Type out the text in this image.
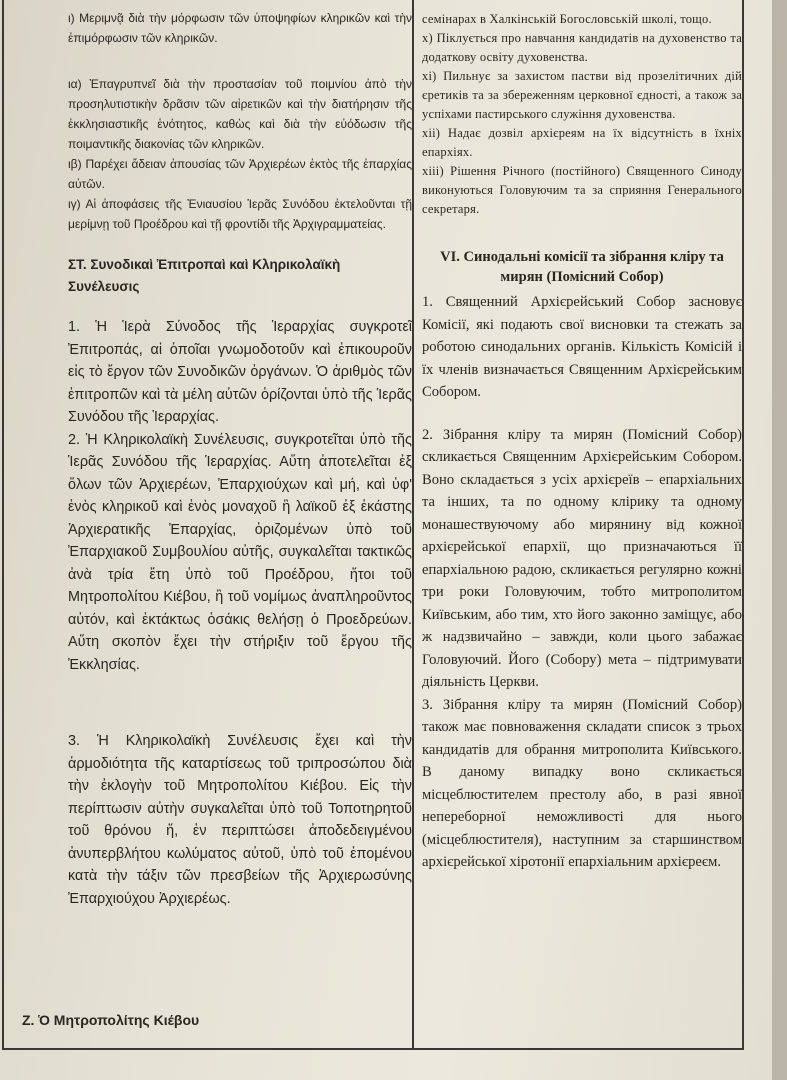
ι) Μεριμνᾷ διὰ τὴν μόρφωσιν τῶν ὑποψηφίων κληρικῶν καὶ τὴν ἐπιμόρφωσιν τῶν κληρικῶν.

ια) Ἐπαγρυπνεῖ διὰ τὴν προστασίαν τοῦ ποιμνίου ἀπὸ τὴν προσηλυτιστικὴν δρᾶσιν τῶν αἱρετικῶν καὶ τὴν διατήρησιν τῆς ἐκκλησιαστικῆς ἑνότητος, καθὼς καὶ διὰ τὴν εὐόδωσιν τῆς ποιμαντικῆς διακονίας τῶν κληρικῶν.

ιβ) Παρέχει ἄδειαν ἀπουσίας τῶν Ἀρχιερέων ἐκτὸς τῆς ἐπαρχίας αὐτῶν.

ιγ) Αἱ ἀποφάσεις τῆς Ἐνιαυσίου Ἱερᾶς Συνόδου ἐκτελοῦνται τῇ μερίμνῃ τοῦ Προέδρου καὶ τῇ φροντίδι τῆς Ἀρχιγραμματείας.

ΣΤ. Συνοδικαὶ Ἐπιτροπαὶ καὶ Κληρικολαϊκὴ Συνέλευσις

1. Ἡ Ἱερὰ Σύνοδος τῆς Ἱεραρχίας συγκροτεῖ Ἐπιτροπάς, αἱ ὁποῖαι γνωμοδοτοῦν καὶ ἐπικουροῦν εἰς τὸ ἔργον τῶν Συνοδικῶν ὀργάνων. Ὁ ἀριθμὸς τῶν ἐπιτροπῶν καὶ τὰ μέλη αὐτῶν ὁρίζονται ὑπὸ τῆς Ἱερᾶς Συνόδου τῆς Ἱεραρχίας.

2. Ἡ Κληρικολαϊκὴ Συνέλευσις, συγκροτεῖται ὑπὸ τῆς Ἱερᾶς Συνόδου τῆς Ἱεραρχίας. Αὕτη ἀποτελεῖται ἐξ ὅλων τῶν Ἀρχιερέων, Ἐπαρχιούχων καὶ μή, καὶ ὑφ' ἑνὸς κληρικοῦ καὶ ἑνὸς μοναχοῦ ἢ λαϊκοῦ ἐξ ἑκάστης Ἀρχιερατικῆς Ἐπαρχίας, ὁριζομένων ὑπὸ τοῦ Ἐπαρχιακοῦ Συμβουλίου αὐτῆς, συγκαλεῖται τακτικῶς ἀνὰ τρία ἔτη ὑπὸ τοῦ Προέδρου, ἤτοι τοῦ Μητροπολίτου Κιέβου, ἢ τοῦ νομίμως ἀναπληροῦντος αὐτόν, καὶ ἐκτάκτως ὁσάκις θελήσῃ ὁ Προεδρεύων. Αὕτη σκοπὸν ἔχει τὴν στήριξιν τοῦ ἔργου τῆς Ἐκκλησίας.

3. Ἡ Κληρικολαϊκὴ Συνέλευσις ἔχει καὶ τὴν ἁρμοδιότητα τῆς καταρτίσεως τοῦ τριπροσώπου διὰ τὴν ἐκλογὴν τοῦ Μητροπολίτου Κιέβου. Εἰς τὴν περίπτωσιν αὐτὴν συγκαλεῖται ὑπὸ τοῦ Τοποτηρητοῦ τοῦ θρόνου ἤ, ἐν περιπτώσει ἀποδεδειγμένου ἀνυπερβλήτου κωλύματος αὐτοῦ, ὑπὸ τοῦ ἑπομένου κατὰ τὴν τάξιν τῶν πρεσβείων τῆς Ἀρχιερωσύνης Ἐπαρχιούχου Ἀρχιερέως.

семінарах в Халкінській Богословській школі, тощо.

х) Піклується про навчання кандидатів на духовенство та додаткову освіту духовенства.

хі) Пильнує за захистом пастви від прозелітичних дій єретиків та за збереженням церковної єдності, а також за успіхами пастирського служіння духовенства.

хіі) Надає дозвіл архієреям на їх відсутність в їхніх епархіях.

хііі) Рішення Річного (постійного) Священного Синоду виконуються Головуючим та за сприяння Генерального секретаря.

VI. Синодальні комісії та зібрання кліру та мирян (Помісний Собор)

1. Священний Архієрейський Собор засновує Комісії, які подають свої висновки та стежать за роботою синодальних органів. Кількість Комісій і їх членів визначається Священним Архієрейським Собором.

2. Зібрання кліру та мирян (Помісний Собор) скликається Священним Архієрейським Собором. Воно складається з усіх архієреїв – епархіальних та інших, та по одному клірику та одному монашествуючому або мирянину від кожної архієрейської епархії, що призначаються її епархіальною радою, скликається регулярно кожні три роки Головуючим, тобто митрополитом Київським, або тим, хто його законно заміщує, або ж надзвичайно – завжди, коли цього забажає Головуючий. Його (Собору) мета – підтримувати діяльність Церкви.

3. Зібрання кліру та мирян (Помісний Собор) також має повноваження складати список з трьох кандидатів для обрання митрополита Київського. В даному випадку воно скликається місцеблюстителем престолу або, в разі явної непереборної неможливості для нього (місцеблюстителя), наступним за старшинством архієрейської хіротонії епархіальним архієреєм.

Ζ. Ὁ Μητροπολίτης Κιέβου
